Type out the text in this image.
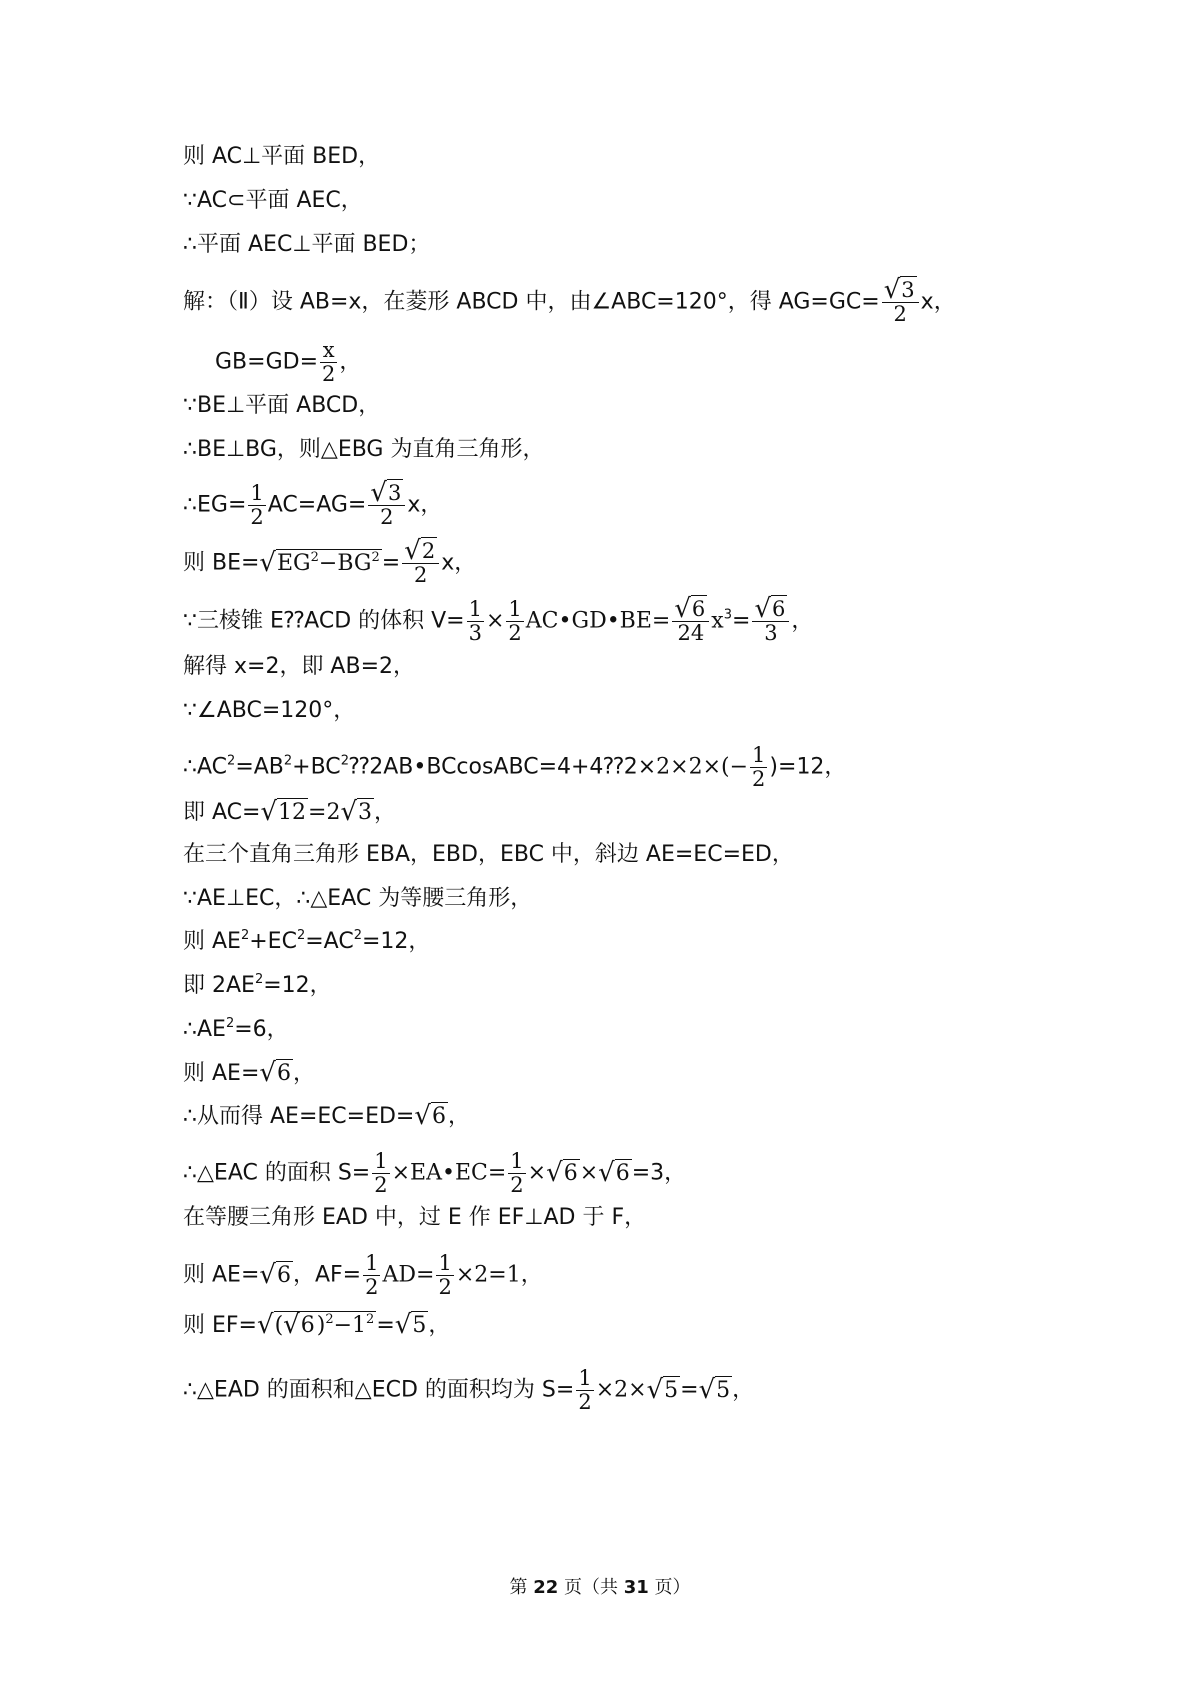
则 AC⊥平面 BED，
∵AC⊂平面 AEC，
∴平面 AEC⊥平面 BED；
解：（Ⅱ）设 AB=x，在菱形 ABCD 中，由∠ABC=120°，得 $AG=GC= \frac{√3}{2}$ x，
$GB=GD= \frac{x}{2}$ ，
∵BE⊥平面 ABCD，
∴BE⊥BG，则△EBG 为直角三角形，
∴EG= $\frac{1}{2} AC=AG= \frac{√3}{2}$ x，
则 $BE=√EG^2-BG^2= \frac{√2}{2}$ x，
∵三棱锥 E⁇ACD 的体积 $V= \frac{1}{3} \times \frac{1}{2}$ AC•GD•BE= $\frac{√6}{24} x^3= \frac{√6}{3}$ ，
解得 x=2，即 AB=2，
∵∠ABC=120°，
$\therefore AC^2=AB^2+BC^2⁇2AB•BCcosABC=4+4⁇2\times 2\times 2\times(- \frac{1}{2} )=12$，
即 AC=√12=2√3，
在三个直角三角形 EBA，EBD，EBC 中，斜边 AE=EC=ED，
∵AE⊥EC，∴△EAC 为等腰三角形，
则 $AE^2+EC^2=AC^2=12$，
即 $2AE^2=12$，
$\therefore AE^2=6$，
则 AE=√6，
∴从而得 AE=EC=ED=√6，
∴△EAC 的面积 $S= \frac{1}{2}$ ×EA•EC= $\frac{1}{2} \times√6\times√6=3$，
在等腰三角形 EAD 中，过 E 作 EF⊥AD 于 F，
则 AE=√6，$AF= \frac{1}{2} AD= \frac{1}{2} \times 2=1$，
则 $EF=√(√6)^2-1^2=√5$，
∴△EAD 的面积和△ECD 的面积均为 $S= \frac{1}{2} \times 2\times√5=√5$，
第 22 页（共 31 页）
